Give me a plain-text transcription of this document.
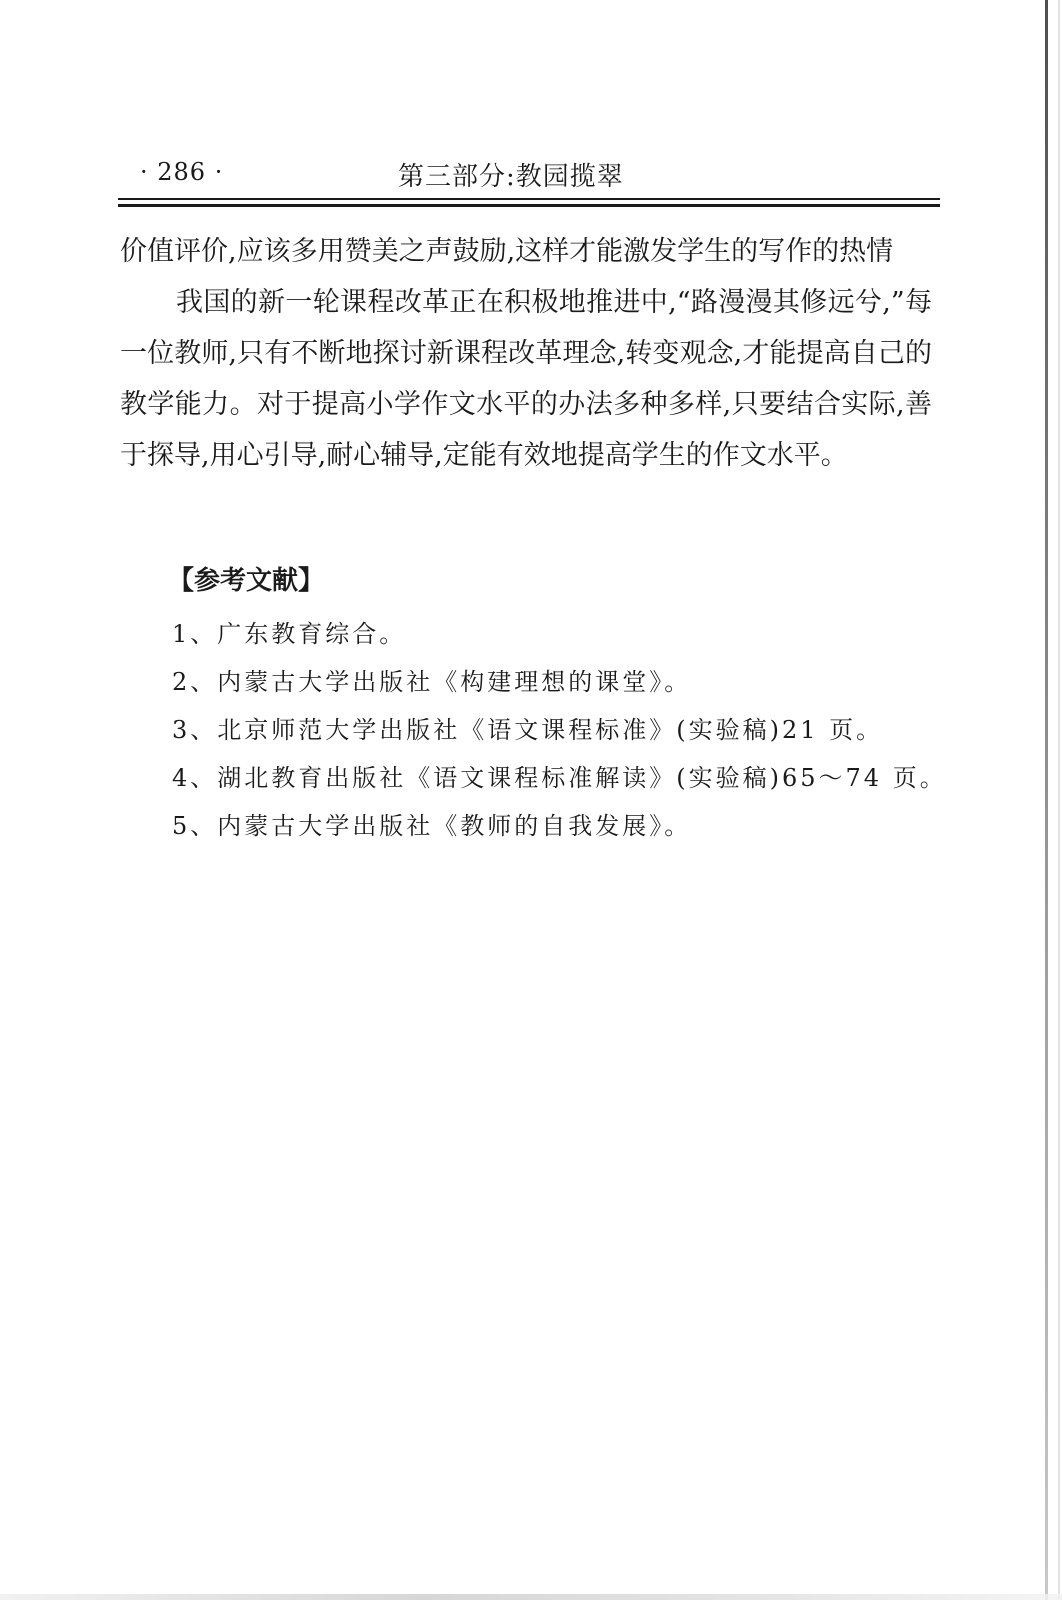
· 286 ·	第三部分:教园揽翠

价值评价,应该多用赞美之声鼓励,这样才能激发学生的写作的热情

我国的新一轮课程改革正在积极地推进中,“路漫漫其修远兮,”每一位教师,只有不断地探讨新课程改革理念,转变观念,才能提高自己的教学能力。对于提高小学作文水平的办法多种多样,只要结合实际,善于探导,用心引导,耐心辅导,定能有效地提高学生的作文水平。

【参考文献】
1、广东教育综合。
2、内蒙古大学出版社《构建理想的课堂》。
3、北京师范大学出版社《语文课程标准》(实验稿)21 页。
4、湖北教育出版社《语文课程标准解读》(实验稿)65～74 页。
5、内蒙古大学出版社《教师的自我发展》。
